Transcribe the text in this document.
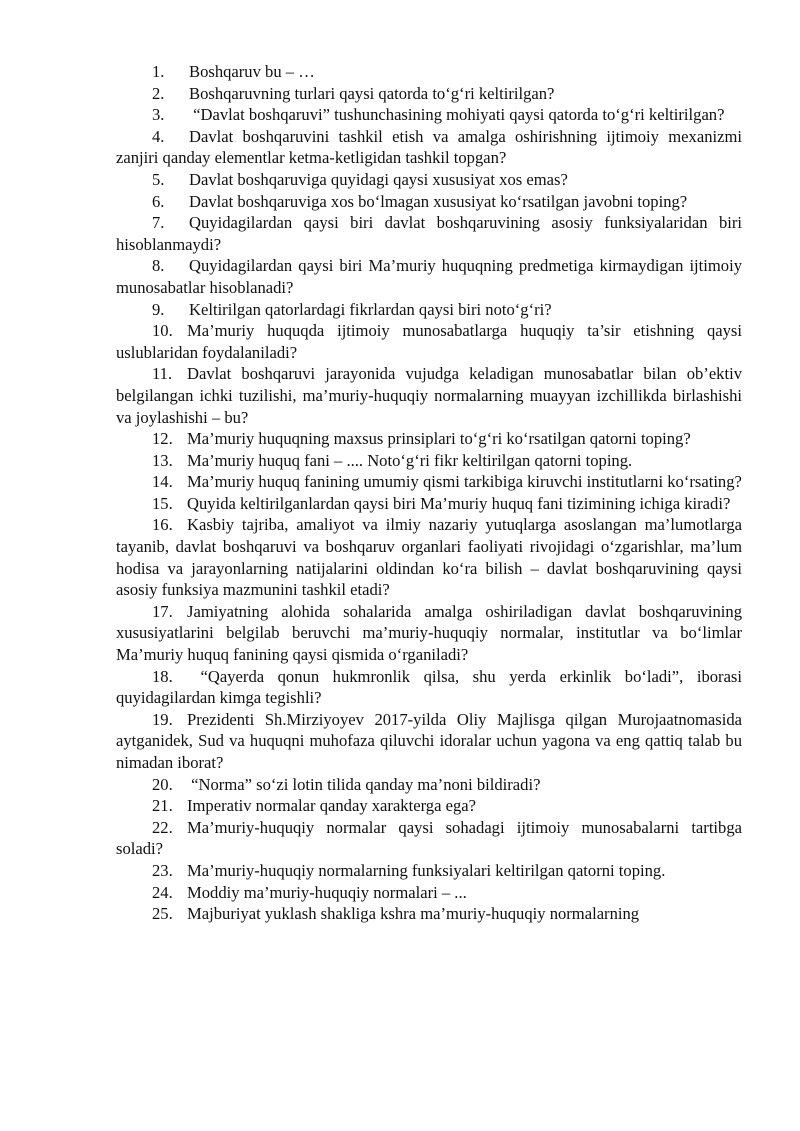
1. Boshqaruv bu – …

2. Boshqaruvning turlari qaysi qatorda to‘g‘ri keltirilgan?

3. “Davlat boshqaruvi” tushunchasining mohiyati qaysi qatorda to‘g‘ri keltirilgan?

4. Davlat boshqaruvini tashkil etish va amalga oshirishning ijtimoiy mexanizmi zanjiri qanday elementlar ketma-ketligidan tashkil topgan?

5. Davlat boshqaruviga quyidagi qaysi xususiyat xos emas?

6. Davlat boshqaruviga xos bo‘lmagan xususiyat ko‘rsatilgan javobni toping?

7. Quyidagilardan qaysi biri davlat boshqaruvining asosiy funksiyalaridan biri hisoblanmaydi?

8. Quyidagilardan qaysi biri Ma’muriy huquqning predmetiga kirmaydigan ijtimoiy munosabatlar hisoblanadi?

9. Keltirilgan qatorlardagi fikrlardan qaysi biri noto‘g‘ri?

10. Ma’muriy huquqda ijtimoiy munosabatlarga huquqiy ta’sir etishning qaysi uslublaridan foydalaniladi?

11. Davlat boshqaruvi jarayonida vujudga keladigan munosabatlar bilan ob’ektiv belgilangan ichki tuzilishi, ma’muriy-huquqiy normalarning muayyan izchillikda birlashishi va joylashishi – bu?

12. Ma’muriy huquqning maxsus prinsiplari to‘g‘ri ko‘rsatilgan qatorni toping?

13. Ma’muriy huquq fani – .... Noto‘g‘ri fikr keltirilgan qatorni toping.

14. Ma’muriy huquq fanining umumiy qismi tarkibiga kiruvchi institutlarni ko‘rsating?

15. Quyida keltirilganlardan qaysi biri Ma’muriy huquq fani tizimining ichiga kiradi?

16. Kasbiy tajriba, amaliyot va ilmiy nazariy yutuqlarga asoslangan ma’lumotlarga tayanib, davlat boshqaruvi va boshqaruv organlari faoliyati rivojidagi o‘zgarishlar, ma’lum hodisa va jarayonlarning natijalarini oldindan ko‘ra bilish – davlat boshqaruvining qaysi asosiy funksiya mazmunini tashkil etadi?

17. Jamiyatning alohida sohalarida amalga oshiriladigan davlat boshqaruvining xususiyatlarini belgilab beruvchi ma’muriy-huquqiy normalar, institutlar va bo‘limlar Ma’muriy huquq fanining qaysi qismida o‘rganiladi?

18. “Qayerda qonun hukmronlik qilsa, shu yerda erkinlik bo‘ladi”, iborasi quyidagilardan kimga tegishli?

19. Prezidenti Sh.Mirziyoyev 2017-yilda Oliy Majlisga qilgan Murojaatnomasida aytganidek, Sud va huquqni muhofaza qiluvchi idoralar uchun yagona va eng qattiq talab bu nimadan iborat?

20. “Norma” so‘zi lotin tilida qanday ma’noni bildiradi?

21. Imperativ normalar qanday xarakterga ega?

22. Ma’muriy-huquqiy normalar qaysi sohadagi ijtimoiy munosabalarni tartibga soladi?

23. Ma’muriy-huquqiy normalarning funksiyalari keltirilgan qatorni toping.

24. Moddiy ma’muriy-huquqiy normalari – ...

25. Majburiyat yuklash shakliga kshra ma’muriy-huquqiy normalarning
